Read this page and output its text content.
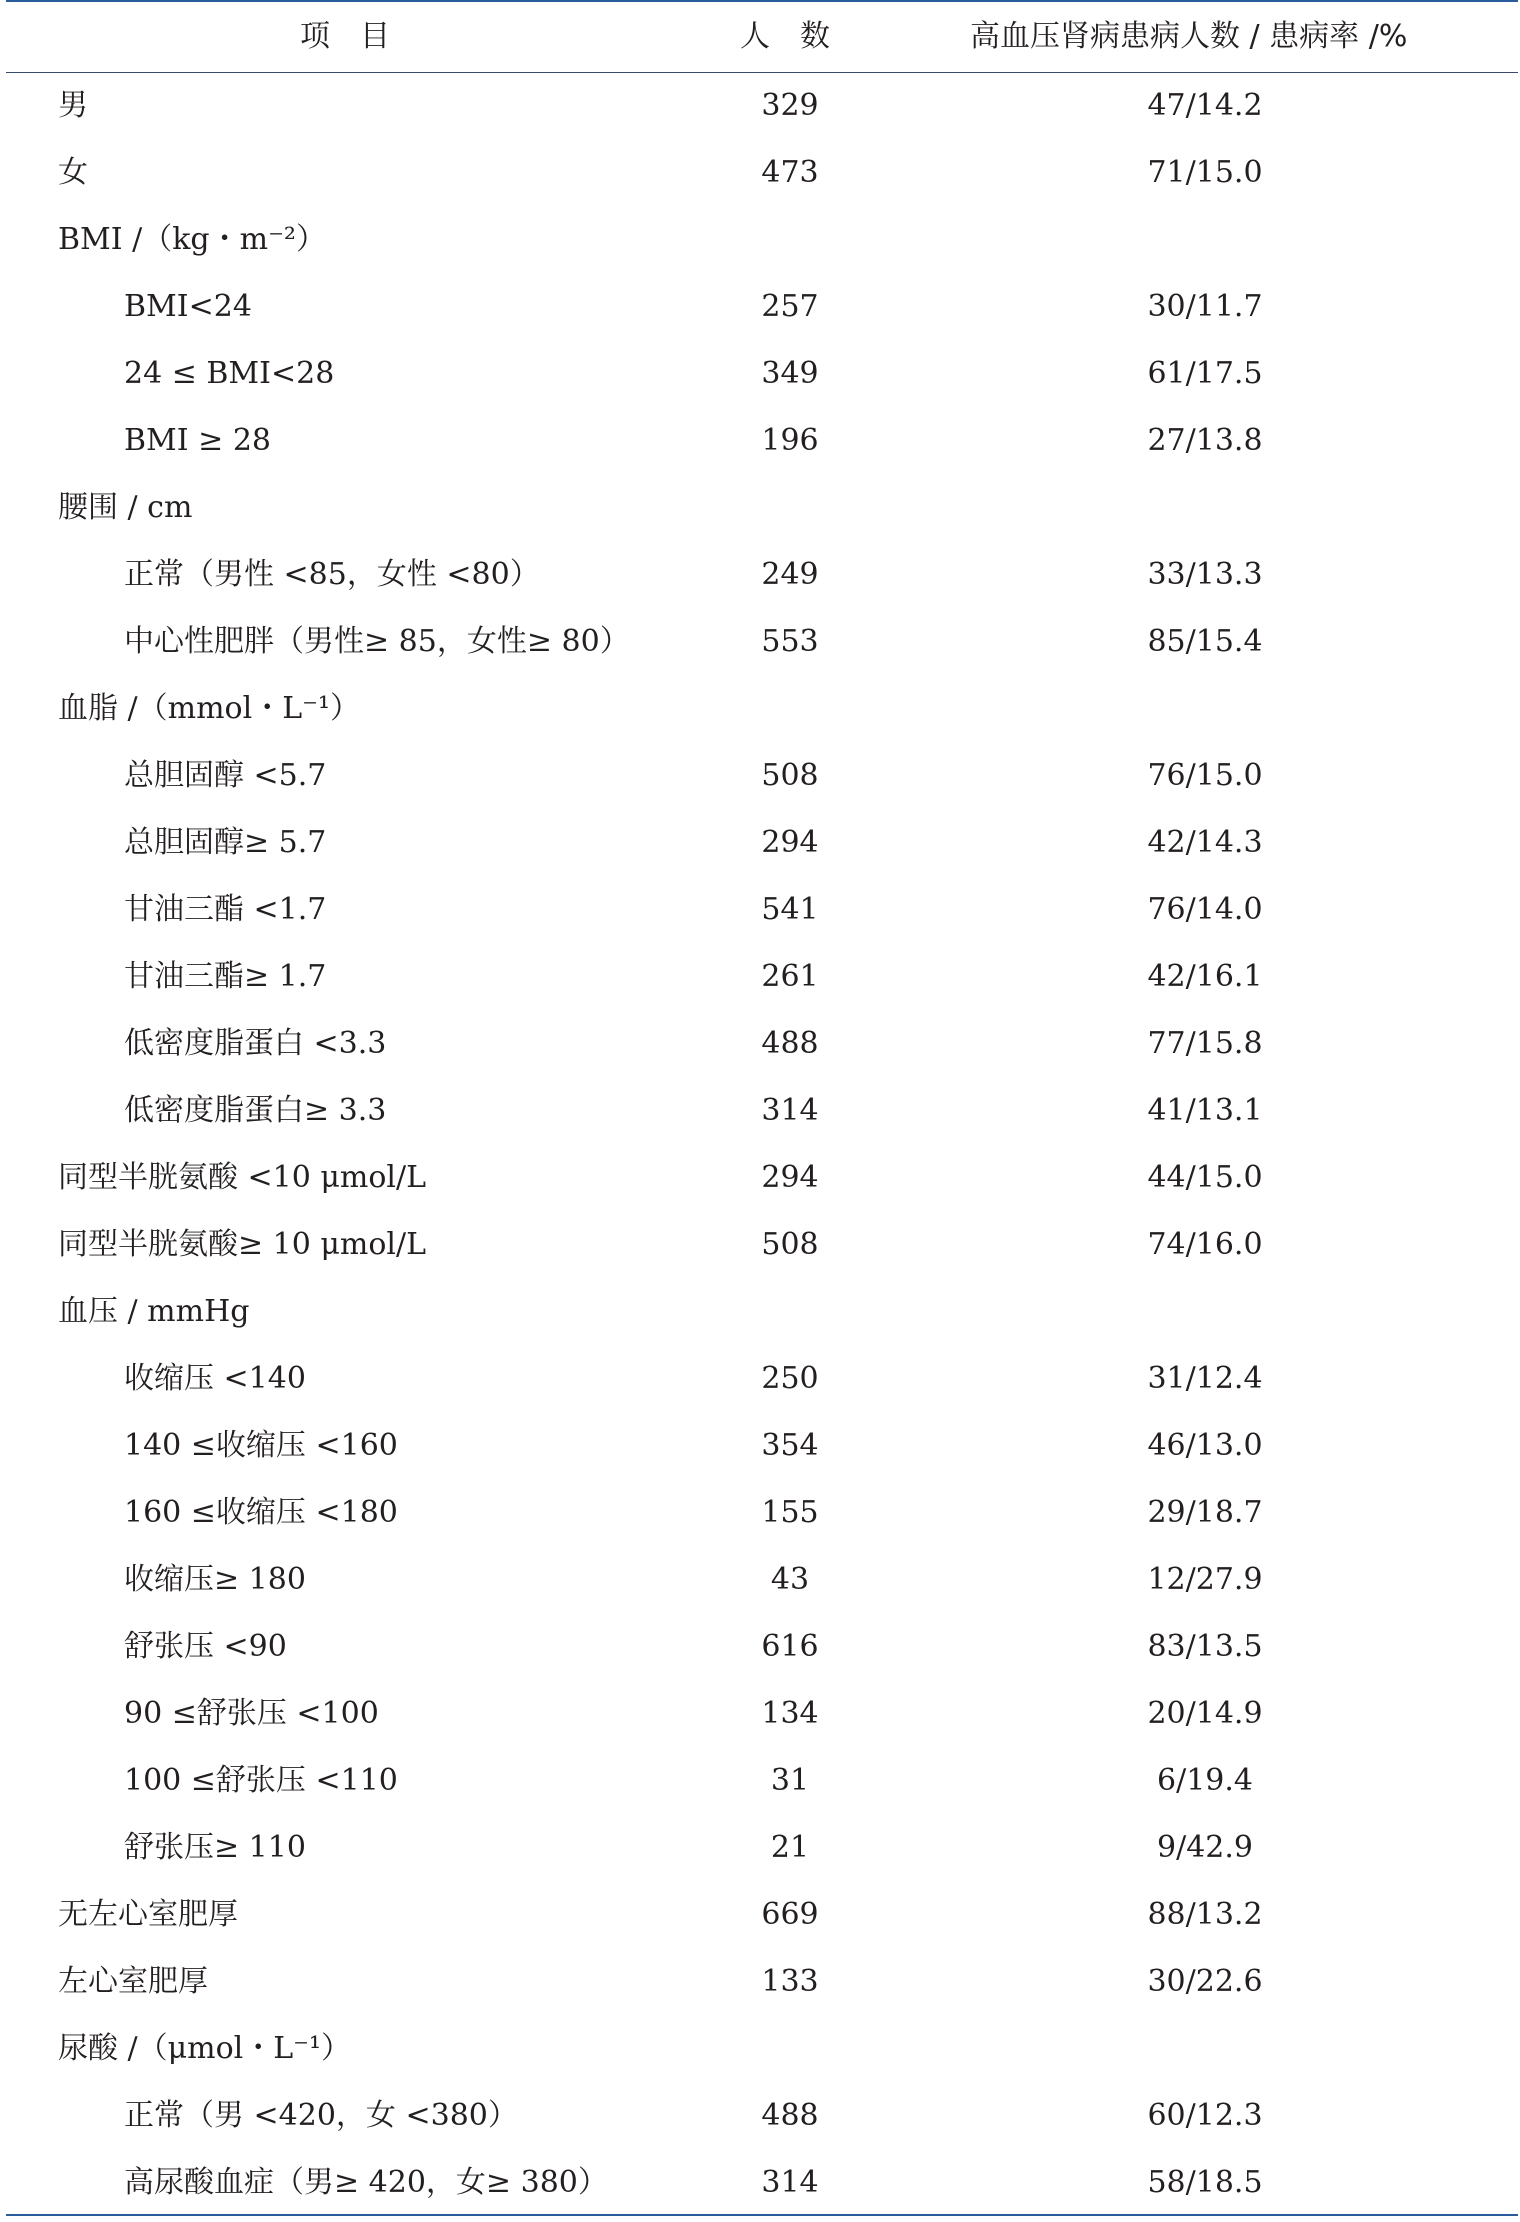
项目	人数	高血压肾病患病人数 / 患病率 /%
男	329	47/14.2
女	473	71/15.0
BMI /（kg・m⁻²）
BMI<24	257	30/11.7
24 ≤ BMI<28	349	61/17.5
BMI ≥ 28	196	27/13.8
腰围 / cm
正常（男性 <85，女性 <80）	249	33/13.3
中心性肥胖（男性≥ 85，女性≥ 80）	553	85/15.4
血脂 /（mmol・L⁻¹）
总胆固醇 <5.7	508	76/15.0
总胆固醇≥ 5.7	294	42/14.3
甘油三酯 <1.7	541	76/14.0
甘油三酯≥ 1.7	261	42/16.1
低密度脂蛋白 <3.3	488	77/15.8
低密度脂蛋白≥ 3.3	314	41/13.1
同型半胱氨酸 <10 μmol/L	294	44/15.0
同型半胱氨酸≥ 10 μmol/L	508	74/16.0
血压 / mmHg
收缩压 <140	250	31/12.4
140 ≤收缩压 <160	354	46/13.0
160 ≤收缩压 <180	155	29/18.7
收缩压≥ 180	43	12/27.9
舒张压 <90	616	83/13.5
90 ≤舒张压 <100	134	20/14.9
100 ≤舒张压 <110	31	6/19.4
舒张压≥ 110	21	9/42.9
无左心室肥厚	669	88/13.2
左心室肥厚	133	30/22.6
尿酸 /（μmol・L⁻¹）
正常（男 <420，女 <380）	488	60/12.3
高尿酸血症（男≥ 420，女≥ 380）	314	58/18.5
